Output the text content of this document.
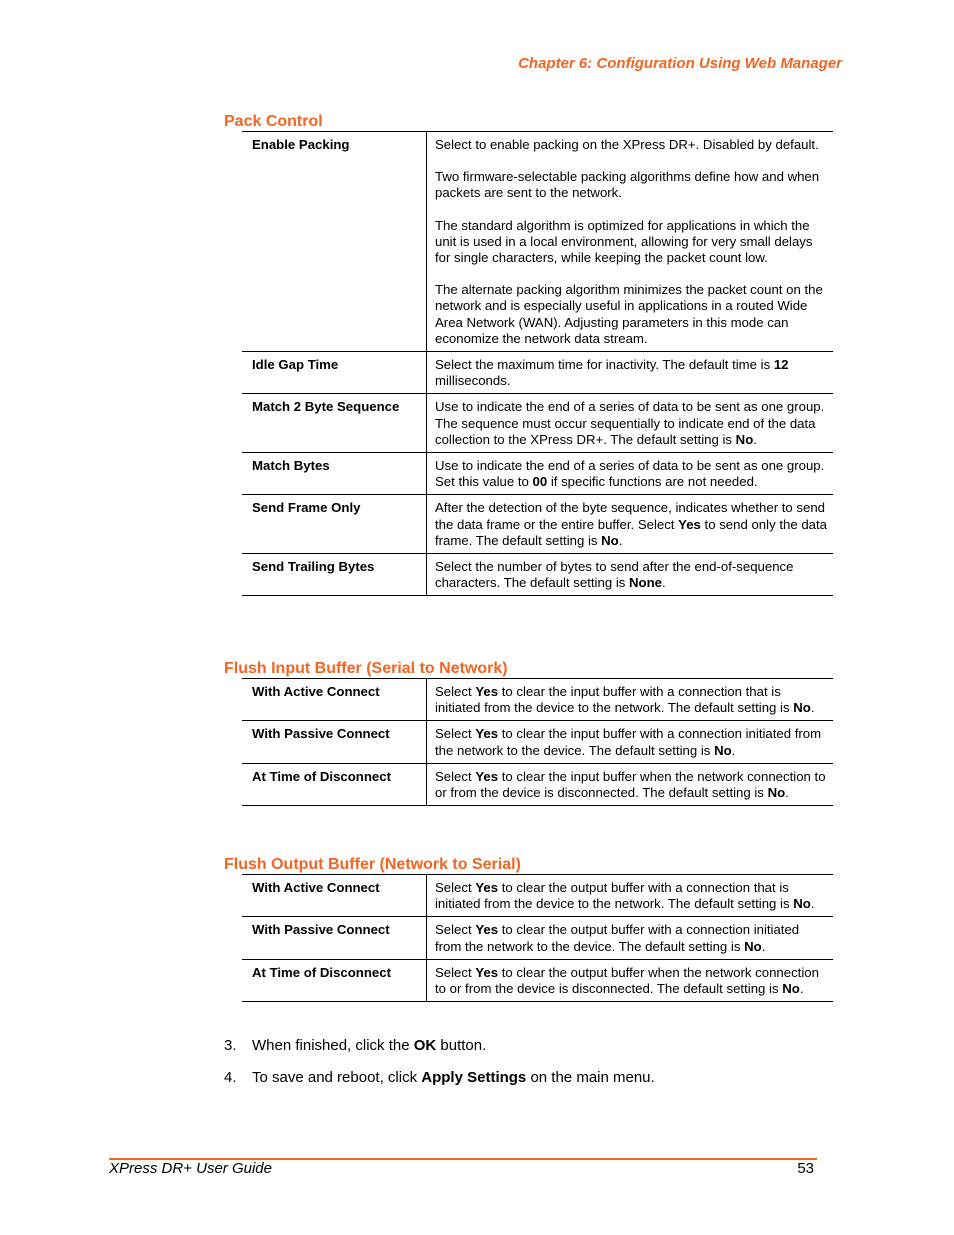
Chapter 6: Configuration Using Web Manager
Pack Control
Enable Packing	Select to enable packing on the XPress DR+. Disabled by default.
Two firmware-selectable packing algorithms define how and when packets are sent to the network.
The standard algorithm is optimized for applications in which the unit is used in a local environment, allowing for very small delays for single characters, while keeping the packet count low.
The alternate packing algorithm minimizes the packet count on the network and is especially useful in applications in a routed Wide Area Network (WAN). Adjusting parameters in this mode can economize the network data stream.

Idle Gap Time	Select the maximum time for inactivity. The default time is 12 milliseconds.

Match 2 Byte Sequence	Use to indicate the end of a series of data to be sent as one group. The sequence must occur sequentially to indicate end of the data collection to the XPress DR+. The default setting is No.

Match Bytes	Use to indicate the end of a series of data to be sent as one group. Set this value to 00 if specific functions are not needed.

Send Frame Only	After the detection of the byte sequence, indicates whether to send the data frame or the entire buffer. Select Yes to send only the data frame. The default setting is No.

Send Trailing Bytes	Select the number of bytes to send after the end-of-sequence characters. The default setting is None.
Flush Input Buffer (Serial to Network)
With Active Connect	Select Yes to clear the input buffer with a connection that is initiated from the device to the network. The default setting is No.

With Passive Connect	Select Yes to clear the input buffer with a connection initiated from the network to the device. The default setting is No.

At Time of Disconnect	Select Yes to clear the input buffer when the network connection to or from the device is disconnected. The default setting is No.
Flush Output Buffer (Network to Serial)
With Active Connect	Select Yes to clear the output buffer with a connection that is initiated from the device to the network. The default setting is No.

With Passive Connect	Select Yes to clear the output buffer with a connection initiated from the network to the device. The default setting is No.

At Time of Disconnect	Select Yes to clear the output buffer when the network connection to or from the device is disconnected. The default setting is No.
3.	When finished, click the OK button.
4.	To save and reboot, click Apply Settings on the main menu.
XPress DR+ User Guide	53
